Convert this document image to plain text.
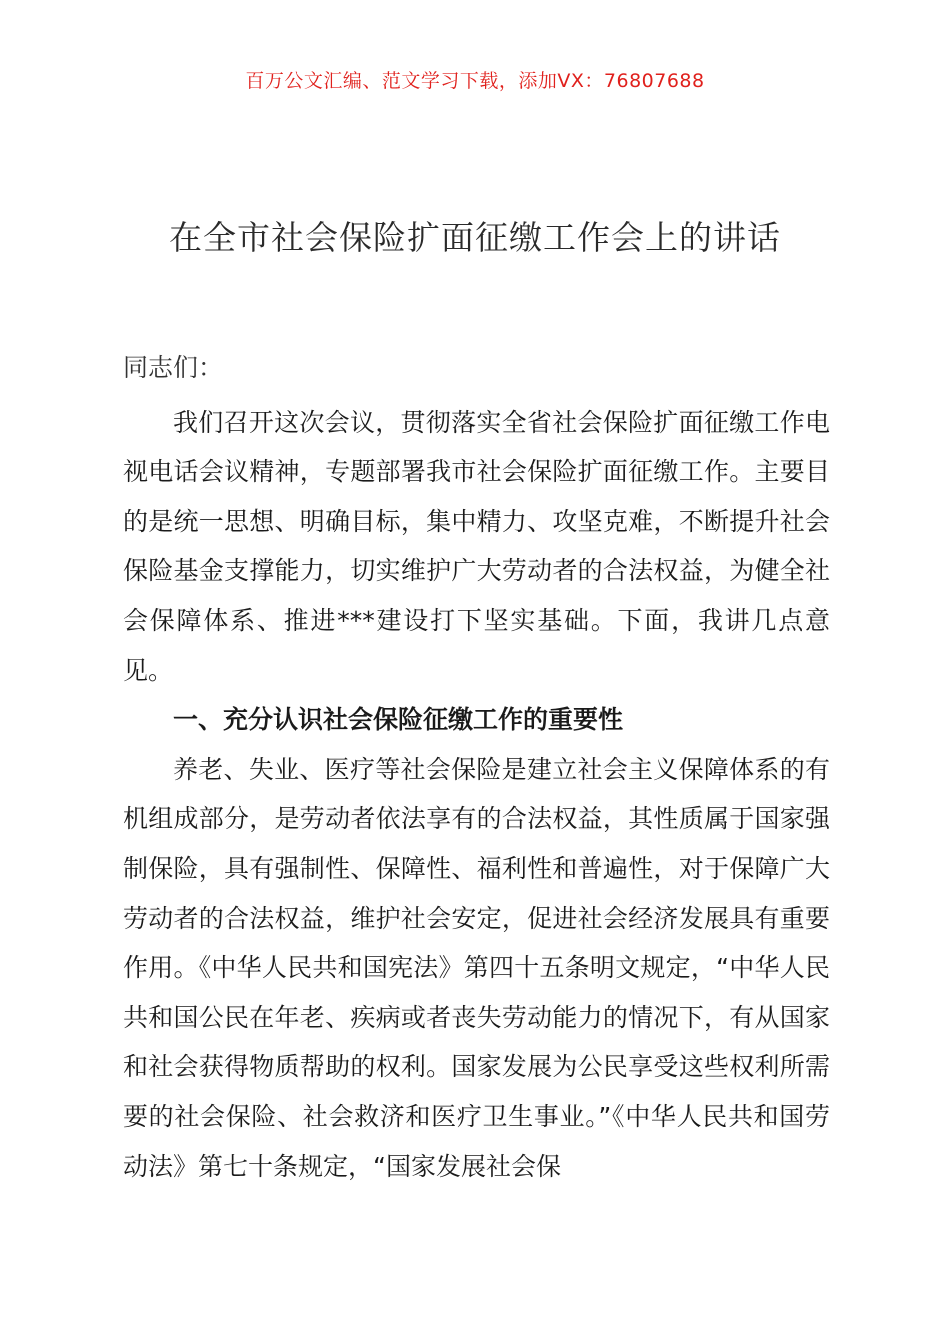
百万公文汇编、范文学习下载，添加VX：76807688
在全市社会保险扩面征缴工作会上的讲话

同志们：

我们召开这次会议，贯彻落实全省社会保险扩面征缴工作电视电话会议精神，专题部署我市社会保险扩面征缴工作。主要目的是统一思想、明确目标，集中精力、攻坚克难，不断提升社会保险基金支撑能力，切实维护广大劳动者的合法权益，为健全社会保障体系、推进***建设打下坚实基础。下面，我讲几点意见。

一、充分认识社会保险征缴工作的重要性

养老、失业、医疗等社会保险是建立社会主义保障体系的有机组成部分，是劳动者依法享有的合法权益，其性质属于国家强制保险，具有强制性、保障性、福利性和普遍性，对于保障广大劳动者的合法权益，维护社会安定，促进社会经济发展具有重要作用。《中华人民共和国宪法》第四十五条明文规定，“中华人民共和国公民在年老、疾病或者丧失劳动能力的情况下，有从国家和社会获得物质帮助的权利。国家发展为公民享受这些权利所需要的社会保险、社会救济和医疗卫生事业。”《中华人民共和国劳动法》第七十条规定，“国家发展社会保
